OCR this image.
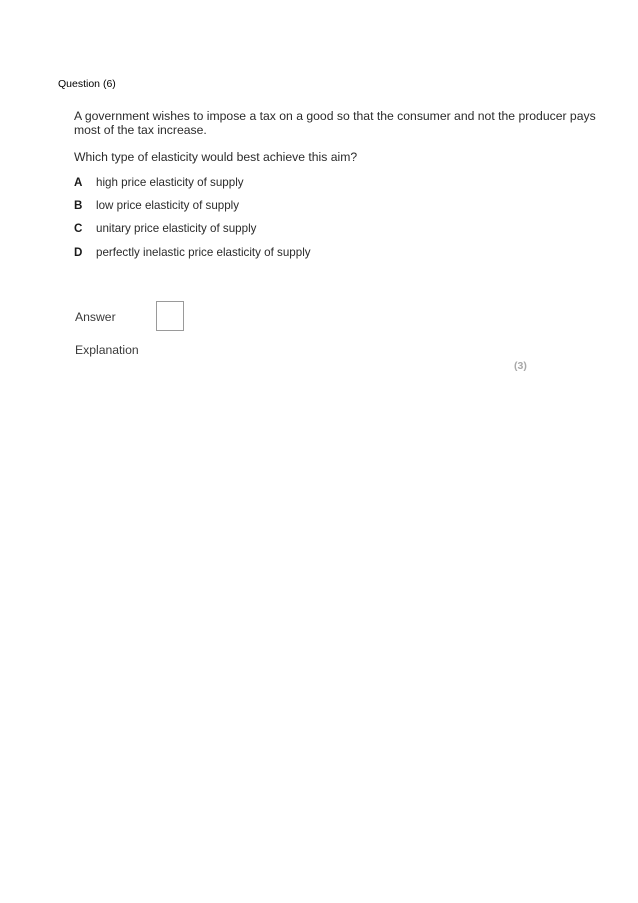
Question (6)
A government wishes to impose a tax on a good so that the consumer and not the producer pays most of the tax increase.
Which type of elasticity would best achieve this aim?
A	high price elasticity of supply
B	low price elasticity of supply
C	unitary price elasticity of supply
D	perfectly inelastic price elasticity of supply
Answer
Explanation
(3)
